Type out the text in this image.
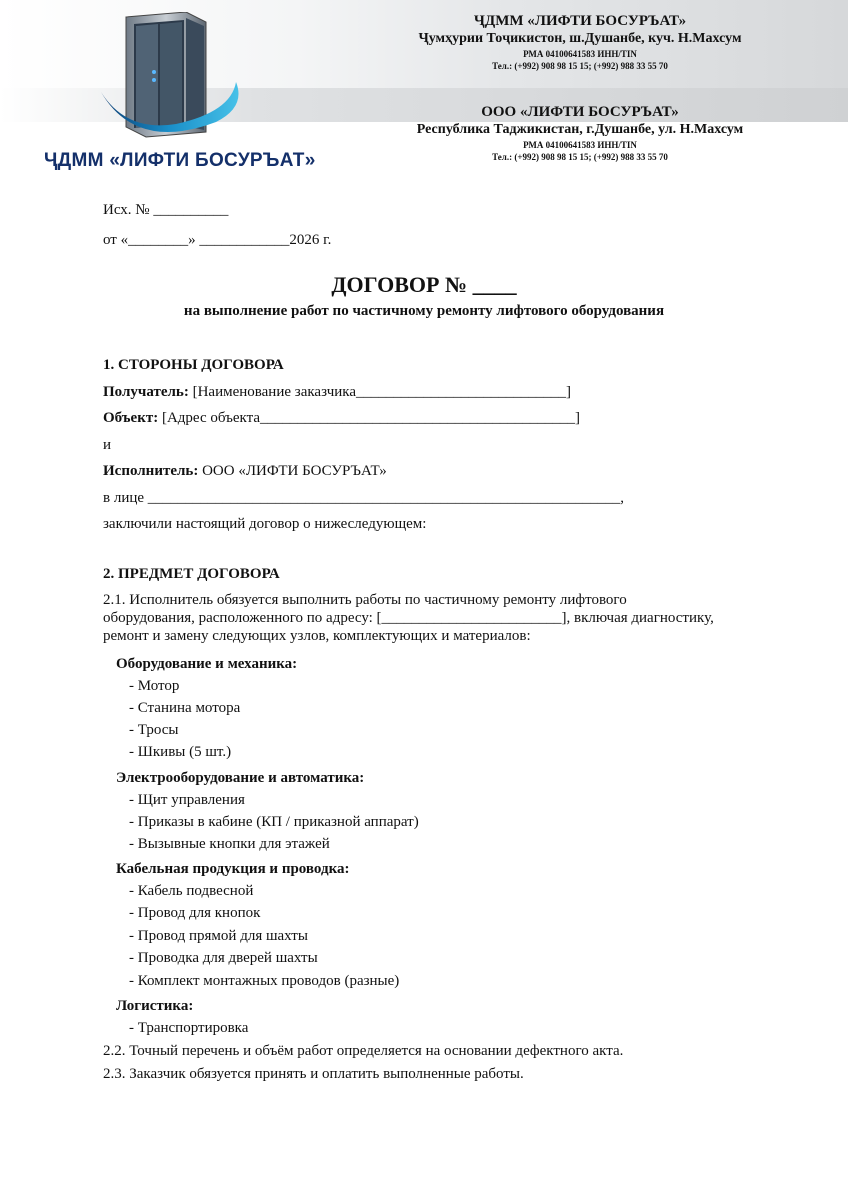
ҶДММ «ЛИФТИ БОСУРЪАТ»
ҶДММ «ЛИФТИ БОСУРЪАТ»
Ҷумҳурии Тоҷикистон, ш.Душанбе, куч. Н.Махсум
РМА 04100641583 ИНН/TIN
Тел.: (+992) 908 98 15 15; (+992) 988 33 55 70
ООО «ЛИФТИ БОСУРЪАТ»
Республика Таджикистан, г.Душанбе, ул. Н.Махсум
РМА 04100641583 ИНН/TIN
Тел.: (+992) 908 98 15 15; (+992) 988 33 55 70
Исх. № __________
от «________» ____________2026 г.
ДОГОВОР № ____
на выполнение работ по частичному ремонту лифтового оборудования
1. СТОРОНЫ ДОГОВОРА
Получатель: [Наименование заказчика____________________________]
Объект: [Адрес объекта__________________________________________]
и
Исполнитель: ООО «ЛИФТИ БОСУРЪАТ»
в лице _______________________________________________________________,
заключили настоящий договор о нижеследующем:
2. ПРЕДМЕТ ДОГОВОРА
2.1. Исполнитель обязуется выполнить работы по частичному ремонту лифтового
оборудования, расположенного по адресу: [________________________], включая диагностику,
ремонт и замену следующих узлов, комплектующих и материалов:
Оборудование и механика:
- Мотор
- Станина мотора
- Тросы
- Шкивы (5 шт.)
Электрооборудование и автоматика:
- Щит управления
- Приказы в кабине (КП / приказной аппарат)
- Вызывные кнопки для этажей
Кабельная продукция и проводка:
- Кабель подвесной
- Провод для кнопок
- Провод прямой для шахты
- Проводка для дверей шахты
- Комплект монтажных проводов (разные)
Логистика:
- Транспортировка
2.2. Точный перечень и объём работ определяется на основании дефектного акта.
2.3. Заказчик обязуется принять и оплатить выполненные работы.
